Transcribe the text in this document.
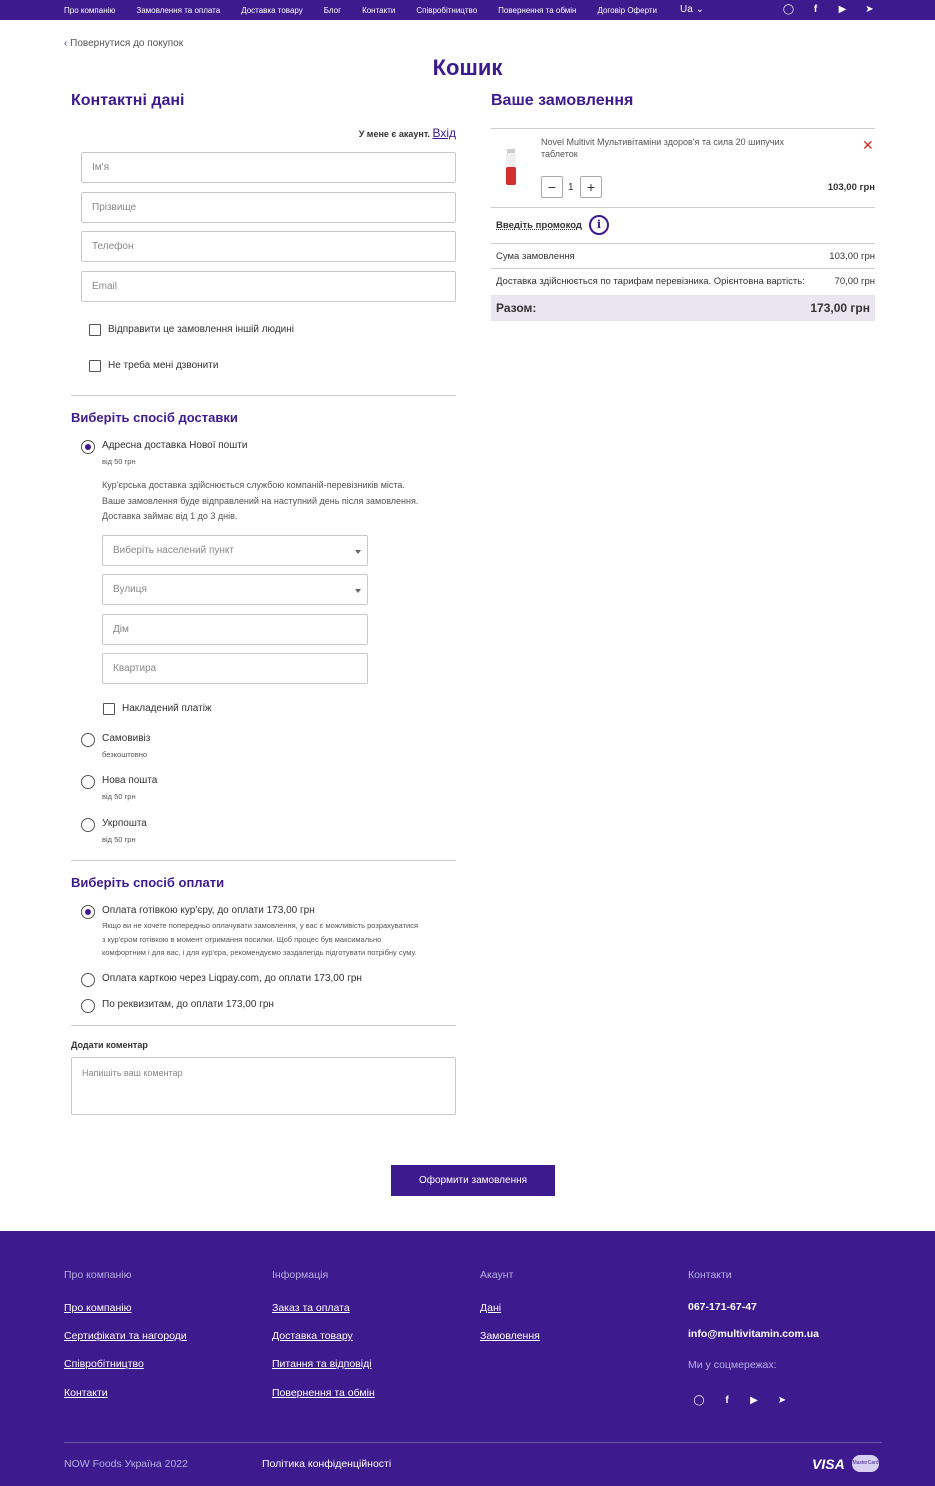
Про компанію	Замовлення та оплата	Доставка товару	Блог	Контакти	Співробітництво	Повернення та обмін	Договір Оферти Ua ⌄	◯	f	▶ ➤
‹ Повернутися до покупок
Кошик
Контактні дані
У мене є акаунт. Вхід
Ім'я
Прізвище
Телефон
Email
Відправити це замовлення іншій людині
Не треба мені дзвонити
Виберіть спосіб доставки
Адресна доставка Нової пошти
від 50 грн
Кур'єрська доставка здійснюється службою компаній-перевізників міста.
Ваше замовлення буде відправлений на наступний день після замовлення.
Доставка займає від 1 до 3 днів.
Виберіть населений пункт
Вулиця
Дім
Квартира
Накладений платіж
Самовивіз
безкоштовно
Нова пошта
від 50 грн
Укрпошта
від 50 грн
Виберіть спосіб оплати
Оплата готівкою кур'єру, до оплати 173,00 грн
Якщо ви не хочете попередньо оплачувати замовлення, у вас є можливість розрахуватися
з кур'єром готівкою в момент отримання посилки. Щоб процес був максимально
комфортним і для вас, і для кур'єра, рекомендуємо заздалегідь підготувати потрібну суму.
Оплата карткою через Liqpay.com, до оплати 173,00 грн
По реквизитам, до оплати 173,00 грн
Додати коментар
Напишіть ваш коментар
Оформити замовлення
Ваше замовлення
Novel Multivit Мультивітаміни здоров'я та сила 20 шипучих
таблеток
✕
−	1 +	103,00 грн
Введіть промокод	i
Сума замовлення	103,00 грн
Доставка здійснюється по тарифам перевізника. Орієнтовна вартість:	70,00 грн
Разом:	173,00 грн
Про компанію
Про компанію
Сертифікати та нагороди
Співробітництво
Контакти
Інформація
Заказ та оплата
Доставка товару
Питання та відповіді
Повернення та обмін
Акаунт
Дані
Замовлення
Контакти
067-171-67-47
info@multivitamin.com.ua
Ми у соцмережах:
◯	f	▶ ➤
NOW Foods Україна 2022	Політика конфіденційності	VISA MasterCard
